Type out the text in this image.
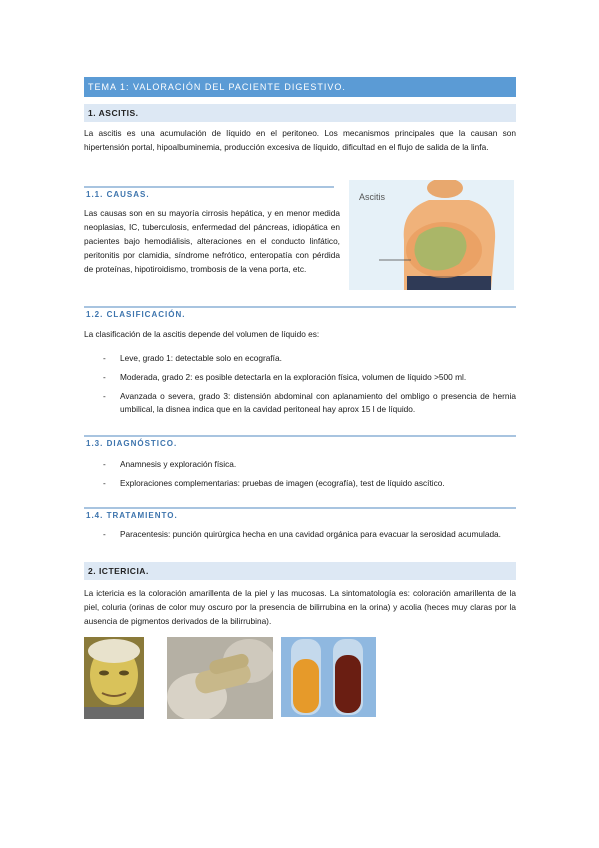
TEMA 1: VALORACIÓN DEL PACIENTE DIGESTIVO.
1. ASCITIS.

La ascitis es una acumulación de líquido en el peritoneo. Los mecanismos principales que la causan son hipertensión portal, hipoalbuminemia, producción excesiva de líquido, dificultad en el flujo de salida de la linfa.

1.1. CAUSAS.

Las causas son en su mayoría cirrosis hepática, y en menor medida neoplasias, IC, tuberculosis, enfermedad del páncreas, idiopática en pacientes bajo hemodiálisis, alteraciones en el conducto linfático, peritonitis por clamidia, síndrome nefrótico, enteropatía con pérdida de proteínas, hipotiroidismo, trombosis de la vena porta, etc.

Ascitis
1.2. CLASIFICACIÓN.

La clasificación de la ascitis depende del volumen de líquido es:

- Leve, grado 1: detectable solo en ecografía.
- Moderada, grado 2: es posible detectarla en la exploración física, volumen de líquido >500 ml.
- Avanzada o severa, grado 3: distensión abdominal con aplanamiento del ombligo o presencia de hernia umbilical, la disnea indica que en la cavidad peritoneal hay aprox 15 l de líquido.
1.3. DIAGNÓSTICO.
- Anamnesis y exploración física.
- Exploraciones complementarias: pruebas de imagen (ecografía), test de líquido ascítico.
1.4. TRATAMIENTO.
- Paracentesis: punción quirúrgica hecha en una cavidad orgánica para evacuar la serosidad acumulada.
2. ICTERICIA.

La ictericia es la coloración amarillenta de la piel y las mucosas. La sintomatología es: coloración amarillenta de la piel, coluria (orinas de color muy oscuro por la presencia de bilirrubina en la orina) y acolia (heces muy claras por la ausencia de pigmentos derivados de la bilirrubina).
